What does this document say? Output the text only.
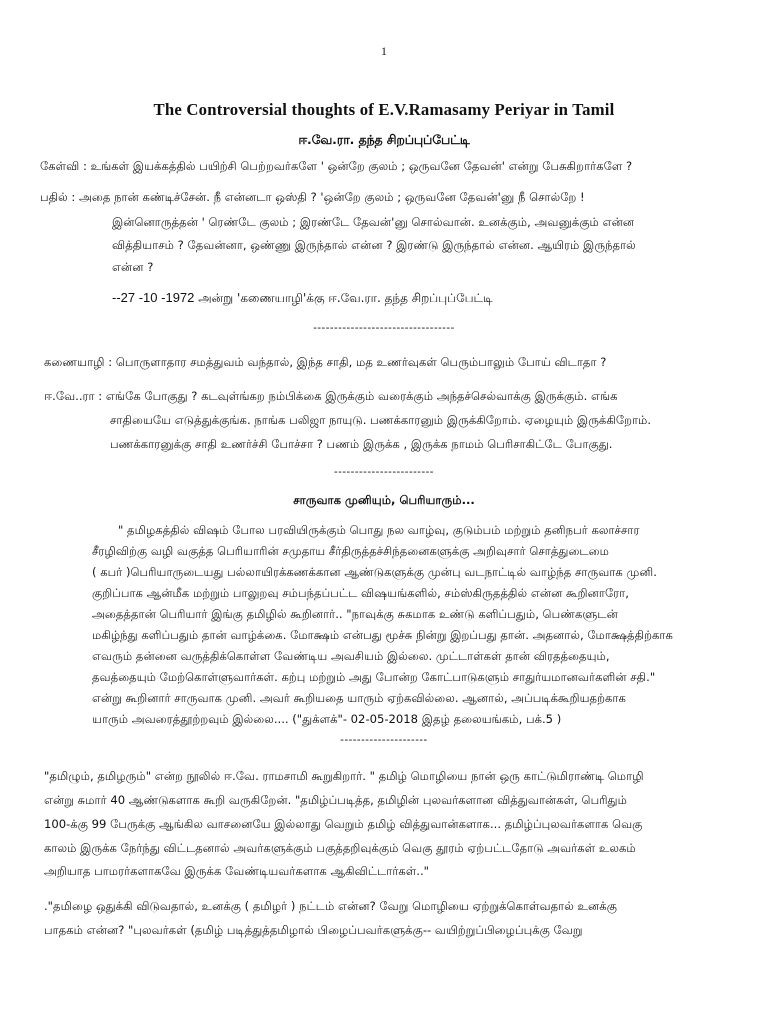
1
The Controversial thoughts of E.V.Ramasamy Periyar in Tamil
ஈ.வே.ரா. தந்த சிறப்புப்பேட்டி
கேள்வி : உங்கள் இயக்கத்தில் பயிற்சி பெற்றவர்களே ' ஒன்றே குலம் ; ஒருவனே தேவன்' என்று பேசுகிறார்களே ?
பதில் : அதை நான் கண்டிச்சேன். நீ என்னடா ஒஸ்தி ? 'ஒன்றே குலம் ; ஒருவனே தேவன்'னு நீ சொல்றே !
இன்னொருத்தன் ' ரெண்டே குலம் ; இரண்டே தேவன்'னு சொல்வான். உனக்கும், அவனுக்கும் என்ன
வித்தியாசம் ? தேவன்னா, ஒண்ணு இருந்தால் என்ன ? இரண்டு இருந்தால் என்ன. ஆயிரம் இருந்தால்
என்ன ?
--27 -10 -1972 அன்று 'கணையாழி'க்கு ஈ.வே.ரா. தந்த சிறப்புப்பேட்டி
----------------------------------
கணையாழி : பொருளாதார சமத்துவம் வந்தால், இந்த சாதி, மத உணர்வுகள் பெரும்பாலும் போய் விடாதா ?
ஈ.வே..ரா : எங்கே போகுது ? கடவுள்ங்கற நம்பிக்கை இருக்கும் வரைக்கும் அந்தச்செல்வாக்கு இருக்கும். எங்க
சாதியையே எடுத்துக்குங்க. நாங்க பலிஜா நாயுடு. பணக்காரனும் இருக்கிறோம். ஏழையும் இருக்கிறோம்.
பணக்காரனுக்கு சாதி உணர்ச்சி போச்சா ? பணம் இருக்க , இருக்க நாமம் பெரிசாகிட்டே போகுது.
------------------------
சாருவாக முனியும், பெரியாரும்...
" தமிழகத்தில் விஷம் போல பரவியிருக்கும் பொது நல வாழ்வு, குடும்பம் மற்றும் தனிநபர் கலாச்சார
சீரழிவிற்கு வழி வகுத்த பெரியாரின் சமுதாய சீர்திருத்தச்சிந்தனைகளுக்கு அறிவுசார் சொத்துடைமை
( கபர் )பெரியாருடையது பல்லாயிரக்கணக்கான ஆண்டுகளுக்கு முன்பு வடநாட்டில் வாழ்ந்த சாருவாக முனி.
குறிப்பாக ஆன்மீக மற்றும் பாலுறவு சம்பந்தப்பட்ட விஷயங்களில், சம்ஸ்கிருதத்தில் என்ன கூறினாரோ,
அதைத்தான் பெரியார் இங்கு தமிழில் கூறினார்.. "நாவுக்கு சுகமாக உண்டு களிப்பதும், பெண்களுடன்
மகிழ்ந்து களிப்பதும் தான் வாழ்க்கை. மோக்ஷம் என்பது மூச்சு நின்று இறப்பது தான். அதனால், மோக்ஷத்திற்காக
எவரும் தன்னை வருத்திக்கொள்ள வேண்டிய அவசியம் இல்லை. முட்டாள்கள் தான் விரதத்தையும்,
தவத்தையும் மேற்கொள்ளுவார்கள். கற்பு மற்றும் அது போன்ற கோட்பாடுகளும் சாதுர்யமானவர்களின் சதி."
என்று கூறினார் சாருவாக முனி. அவர் கூறியதை யாரும் ஏற்கவில்லை. ஆனால், அப்படிக்கூறியதற்காக
யாரும் அவரைத்தூற்றவும் இல்லை.... ("துக்ளக்"- 02-05-2018 இதழ் தலையங்கம், பக்.5 )
---------------------
"தமிழும், தமிழரும்" என்ற நூலில் ஈ.வே. ராமசாமி கூறுகிறார். " தமிழ் மொழியை நான் ஒரு காட்டுமிராண்டி மொழி
என்று சுமார் 40 ஆண்டுகளாக கூறி வருகிறேன். "தமிழ்ப்படித்த, தமிழின் புலவர்களான வித்துவான்கள், பெரிதும்
100-க்கு 99 பேருக்கு ஆங்கில வாசனையே இல்லாது வெறும் தமிழ் வித்துவான்களாக... தமிழ்ப்புலவர்களாக வெகு
காலம் இருக்க நேர்ந்து விட்டதனால் அவர்களுக்கும் பகுத்தறிவுக்கும் வெகு தூரம் ஏற்பட்டதோடு அவர்கள் உலகம்
அறியாத பாமரர்களாகவே இருக்க வேண்டியவர்களாக ஆகிவிட்டார்கள்.."
."தமிழை ஒதுக்கி விடுவதால், உனக்கு ( தமிழர் ) நட்டம் என்ன? வேறு மொழியை ஏற்றுக்கொள்வதால் உனக்கு
பாதகம் என்ன? "புலவர்கள் (தமிழ் படித்துத்தமிழால் பிழைப்பவர்களுக்கு-- வயிற்றுப்பிழைப்புக்கு வேறு
